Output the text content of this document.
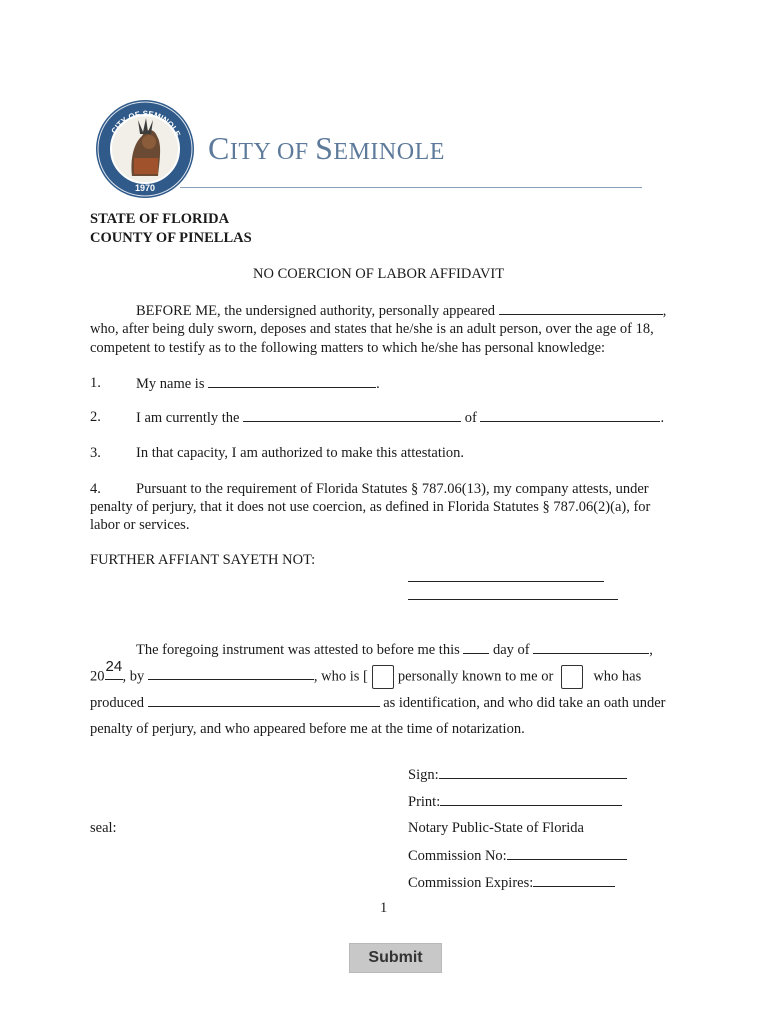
1970
CITY OF SEMINOLE CITY OF SEMINOLE
STATE OF FLORIDA
COUNTY OF PINELLAS
NO COERCION OF LABOR AFFIDAVIT
BEFORE ME, the undersigned authority, personally appeared	,
who, after being duly sworn, deposes and states that he/she is an adult person, over the age of 18,
competent to testify as to the following matters to which he/she has personal knowledge:
1. My name is	.
2. I am currently the	of	.
3. In that capacity, I am authorized to make this attestation.
4. Pursuant to the requirement of Florida Statutes § 787.06(13), my company attests, under
penalty of perjury, that it does not use coercion, as defined in Florida Statutes § 787.06(2)(a), for
labor or services.
FURTHER AFFIANT SAYETH NOT:
The foregoing instrument was attested to before me this day of	,
20
24
, by	, who is [ personally known to me or	who has
produced	as identification, and who did take an oath under
penalty of perjury, and who appeared before me at the time of notarization.
Sign:
Print:
seal:	Notary Public-State of Florida
Commission No:
Commission Expires:
1
Submit
